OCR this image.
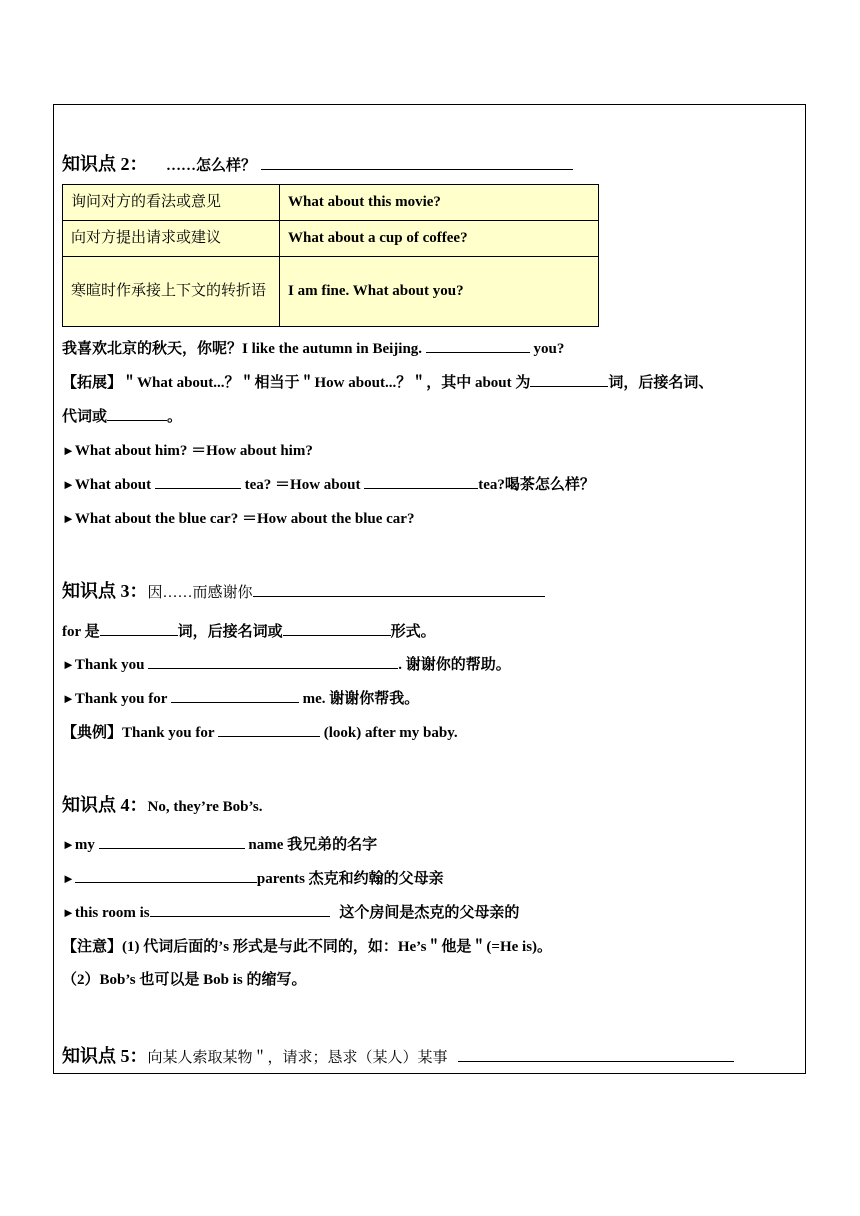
知识点 2： ……怎么样？
询问对方的看法或意见	What about this movie?
向对方提出请求或建议	What about a cup of coffee?
寒暄时作承接上下文的转折语	I am fine. What about you?
我喜欢北京的秋天，你呢？I like the autumn in Beijing.	you?
【拓展】＂What about...？＂相当于＂How about...？＂，其中 about 为	词，后接名词、
代词或	。
►What about him? ＝How about him?
►What about	tea? ＝How about	tea?喝茶怎么样？
►What about the blue car? ＝How about the blue car?
知识点 3：因……而感谢你
for 是	词，后接名词或	形式。
►Thank you	. 谢谢你的帮助。
►Thank you for	me. 谢谢你帮我。
【典例】Thank you for	(look) after my baby.
知识点 4：No, they’re Bob’s.
►my	name 我兄弟的名字
►	parents 杰克和约翰的父母亲
►this room is	这个房间是杰克的父母亲的
【注意】(1) 代词后面的’s 形式是与此不同的，如：He’s＂他是＂(=He is)。
（2）Bob’s 也可以是 Bob is 的缩写。
知识点 5：向某人索取某物＂，请求；恳求（某人）某事
